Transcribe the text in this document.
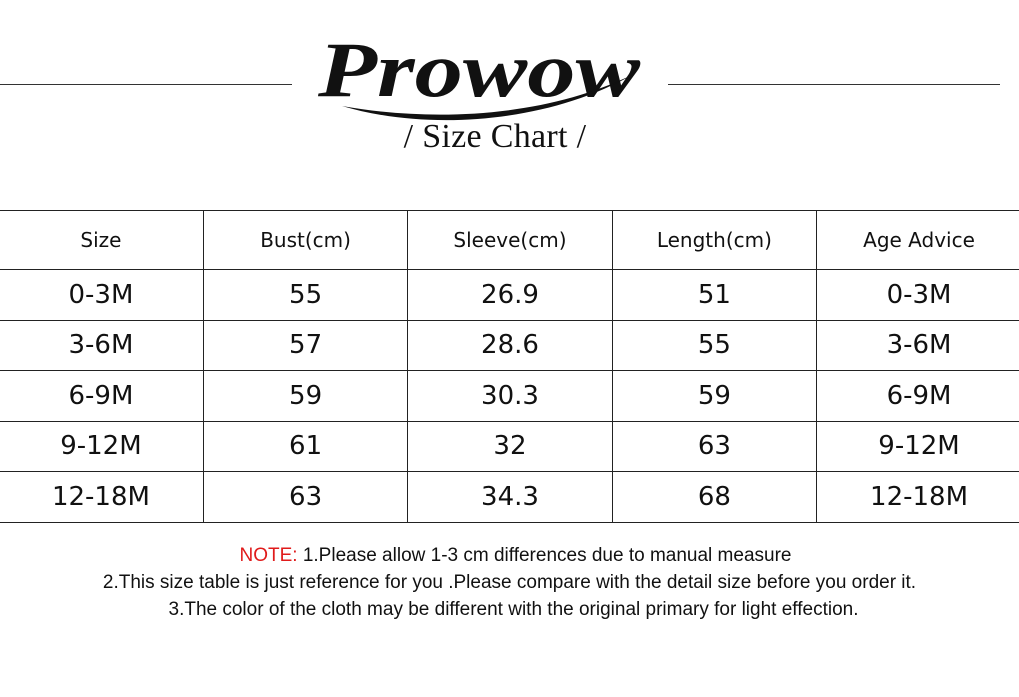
Prowow
/ Size Chart /
Size	Bust(cm)	Sleeve(cm)	Length(cm)	Age Advice
0-3M	55	26.9	51	0-3M
3-6M	57	28.6	55	3-6M
6-9M	59	30.3	59	6-9M
9-12M	61	32	63	9-12M
12-18M	63	34.3	68	12-18M
NOTE: 1.Please allow 1-3 cm differences due to manual measure
2.This size table is just reference for you .Please compare with the detail size before you order it.
3.The color of the cloth may be different with the original primary for light effection.
